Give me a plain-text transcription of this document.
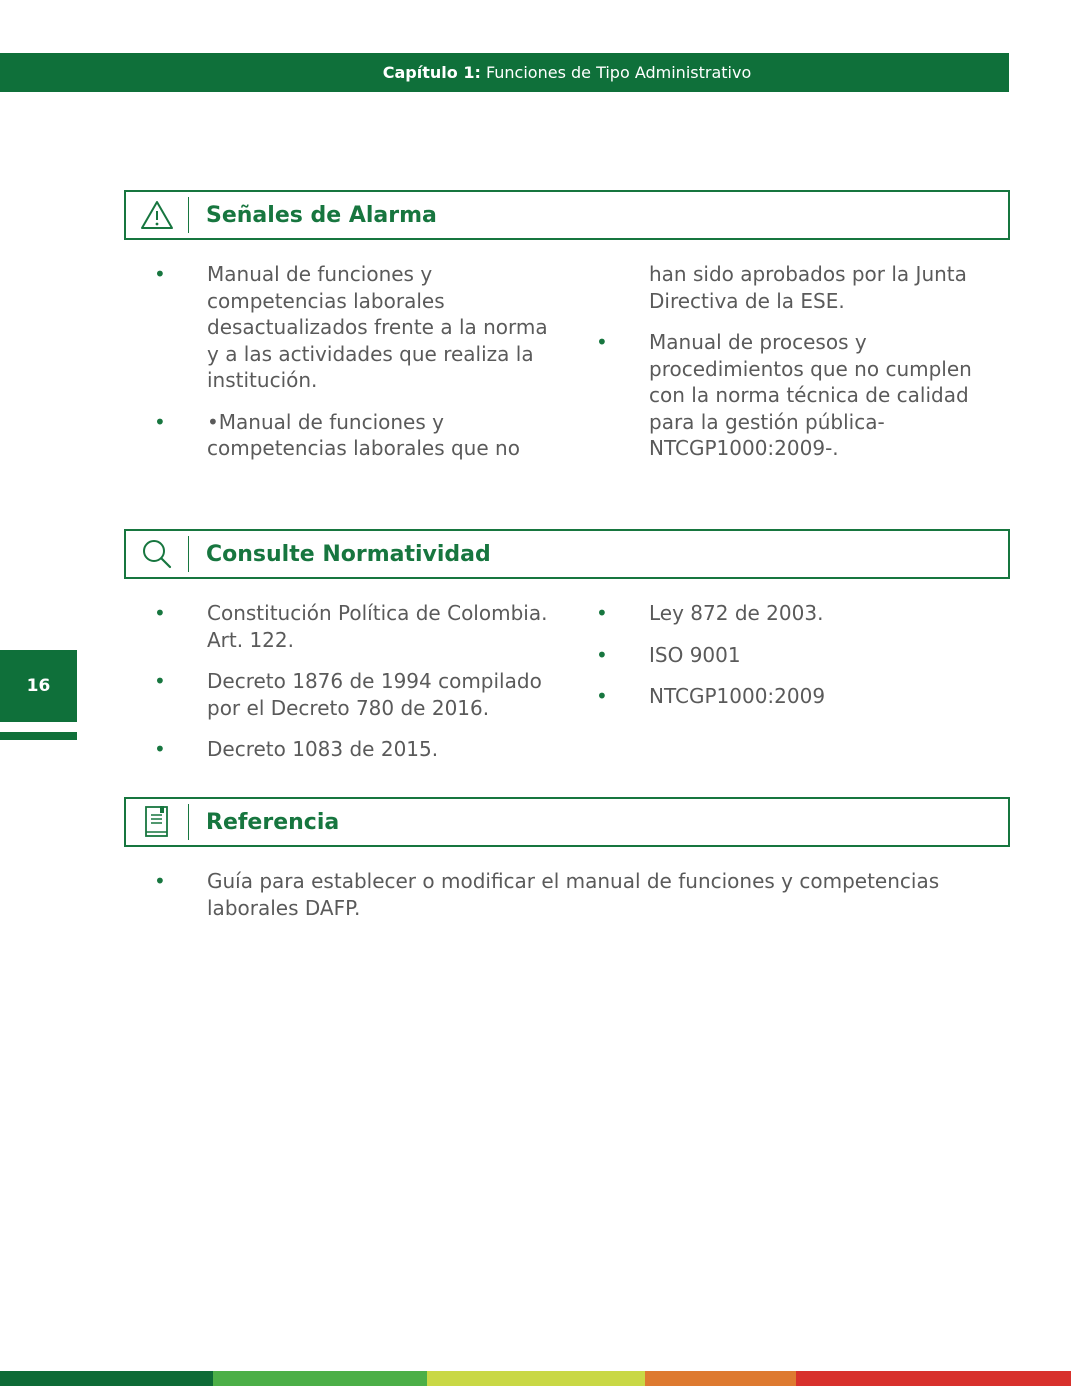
Capítulo 1: Funciones de Tipo Administrativo
Señales de Alarma
• Manual de funciones y competencias laborales desactualizados frente a la norma y a las actividades que realiza la institución.
• •Manual de funciones y competencias laborales que no
han sido aprobados por la Junta Directiva de la ESE.
• Manual de procesos y procedimientos que no cumplen con la norma técnica de calidad para la gestión pública- NTCGP1000:2009-.
Consulte Normatividad
• Constitución Política de Colombia. Art. 122.
• Decreto 1876 de 1994 compilado por el Decreto 780 de 2016.
• Decreto 1083 de 2015.
• Ley 872 de 2003.
• ISO 9001
• NTCGP1000:2009
Referencia
• Guía para establecer o modificar el manual de funciones y competencias laborales DAFP.
16
